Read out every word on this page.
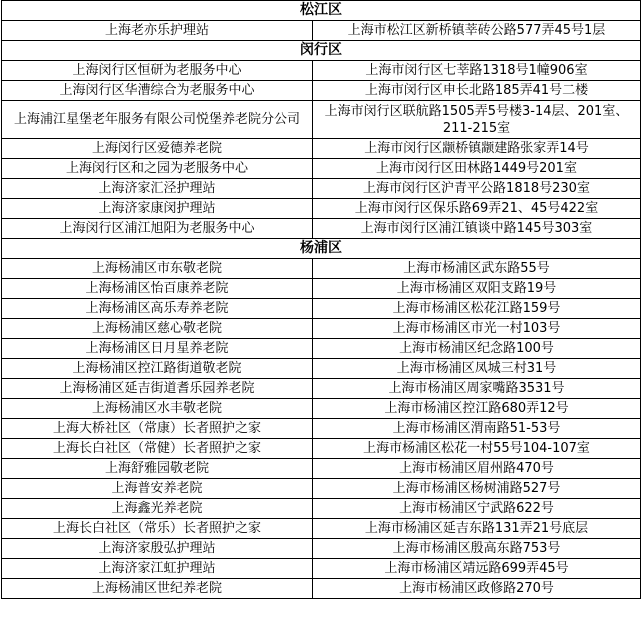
松江区	
上海老亦乐护理站	上海市松江区新桥镇莘砖公路577弄45号1层
闵行区	
上海闵行区恒研为老服务中心	上海市闵行区七莘路1318号1幢906室
上海闵行区华漕综合为老服务中心	上海市闵行区申长北路185弄41号二楼
上海浦江星堡老年服务有限公司悦堡养老院分公司	上海市闵行区联航路1505弄5号楼3-14层、201室、211-215室
上海闵行区爱德养老院	上海市闵行区颛桥镇颛建路张家弄14号
上海闵行区和之园为老服务中心	上海市闵行区田林路1449号201室
上海济家汇泾护理站	上海市闵行区沪青平公路1818号230室
上海济家康闵护理站	上海市闵行区保乐路69弄21、45号422室
上海闵行区浦江旭阳为老服务中心	上海市闵行区浦江镇谈中路145号303室
杨浦区	
上海杨浦区市东敬老院	上海市杨浦区武东路55号
上海杨浦区怡百康养老院	上海市杨浦区双阳支路19号
上海杨浦区高乐寿养老院	上海市杨浦区松花江路159号
上海杨浦区慈心敬老院	上海市杨浦区市光一村103号
上海杨浦区日月星养老院	上海市杨浦区纪念路100号
上海杨浦区控江路街道敬老院	上海市杨浦区凤城三村31号
上海杨浦区延吉街道耆乐园养老院	上海市杨浦区周家嘴路3531号
上海杨浦区水丰敬老院	上海市杨浦区控江路680弄12号
上海大桥社区（常康）长者照护之家	上海市杨浦区渭南路51-53号
上海长白社区（常健）长者照护之家	上海市杨浦区松花一村55号104-107室
上海舒雅园敬老院	上海市杨浦区眉州路470号
上海普安养老院	上海市杨浦区杨树浦路527号
上海鑫光养老院	上海市杨浦区宁武路622号
上海长白社区（常乐）长者照护之家	上海市杨浦区延吉东路131弄21号底层
上海济家殷弘护理站	上海市杨浦区殷高东路753号
上海济家江虹护理站	上海市杨浦区靖远路699弄45号
上海杨浦区世纪养老院	上海市杨浦区政修路270号
